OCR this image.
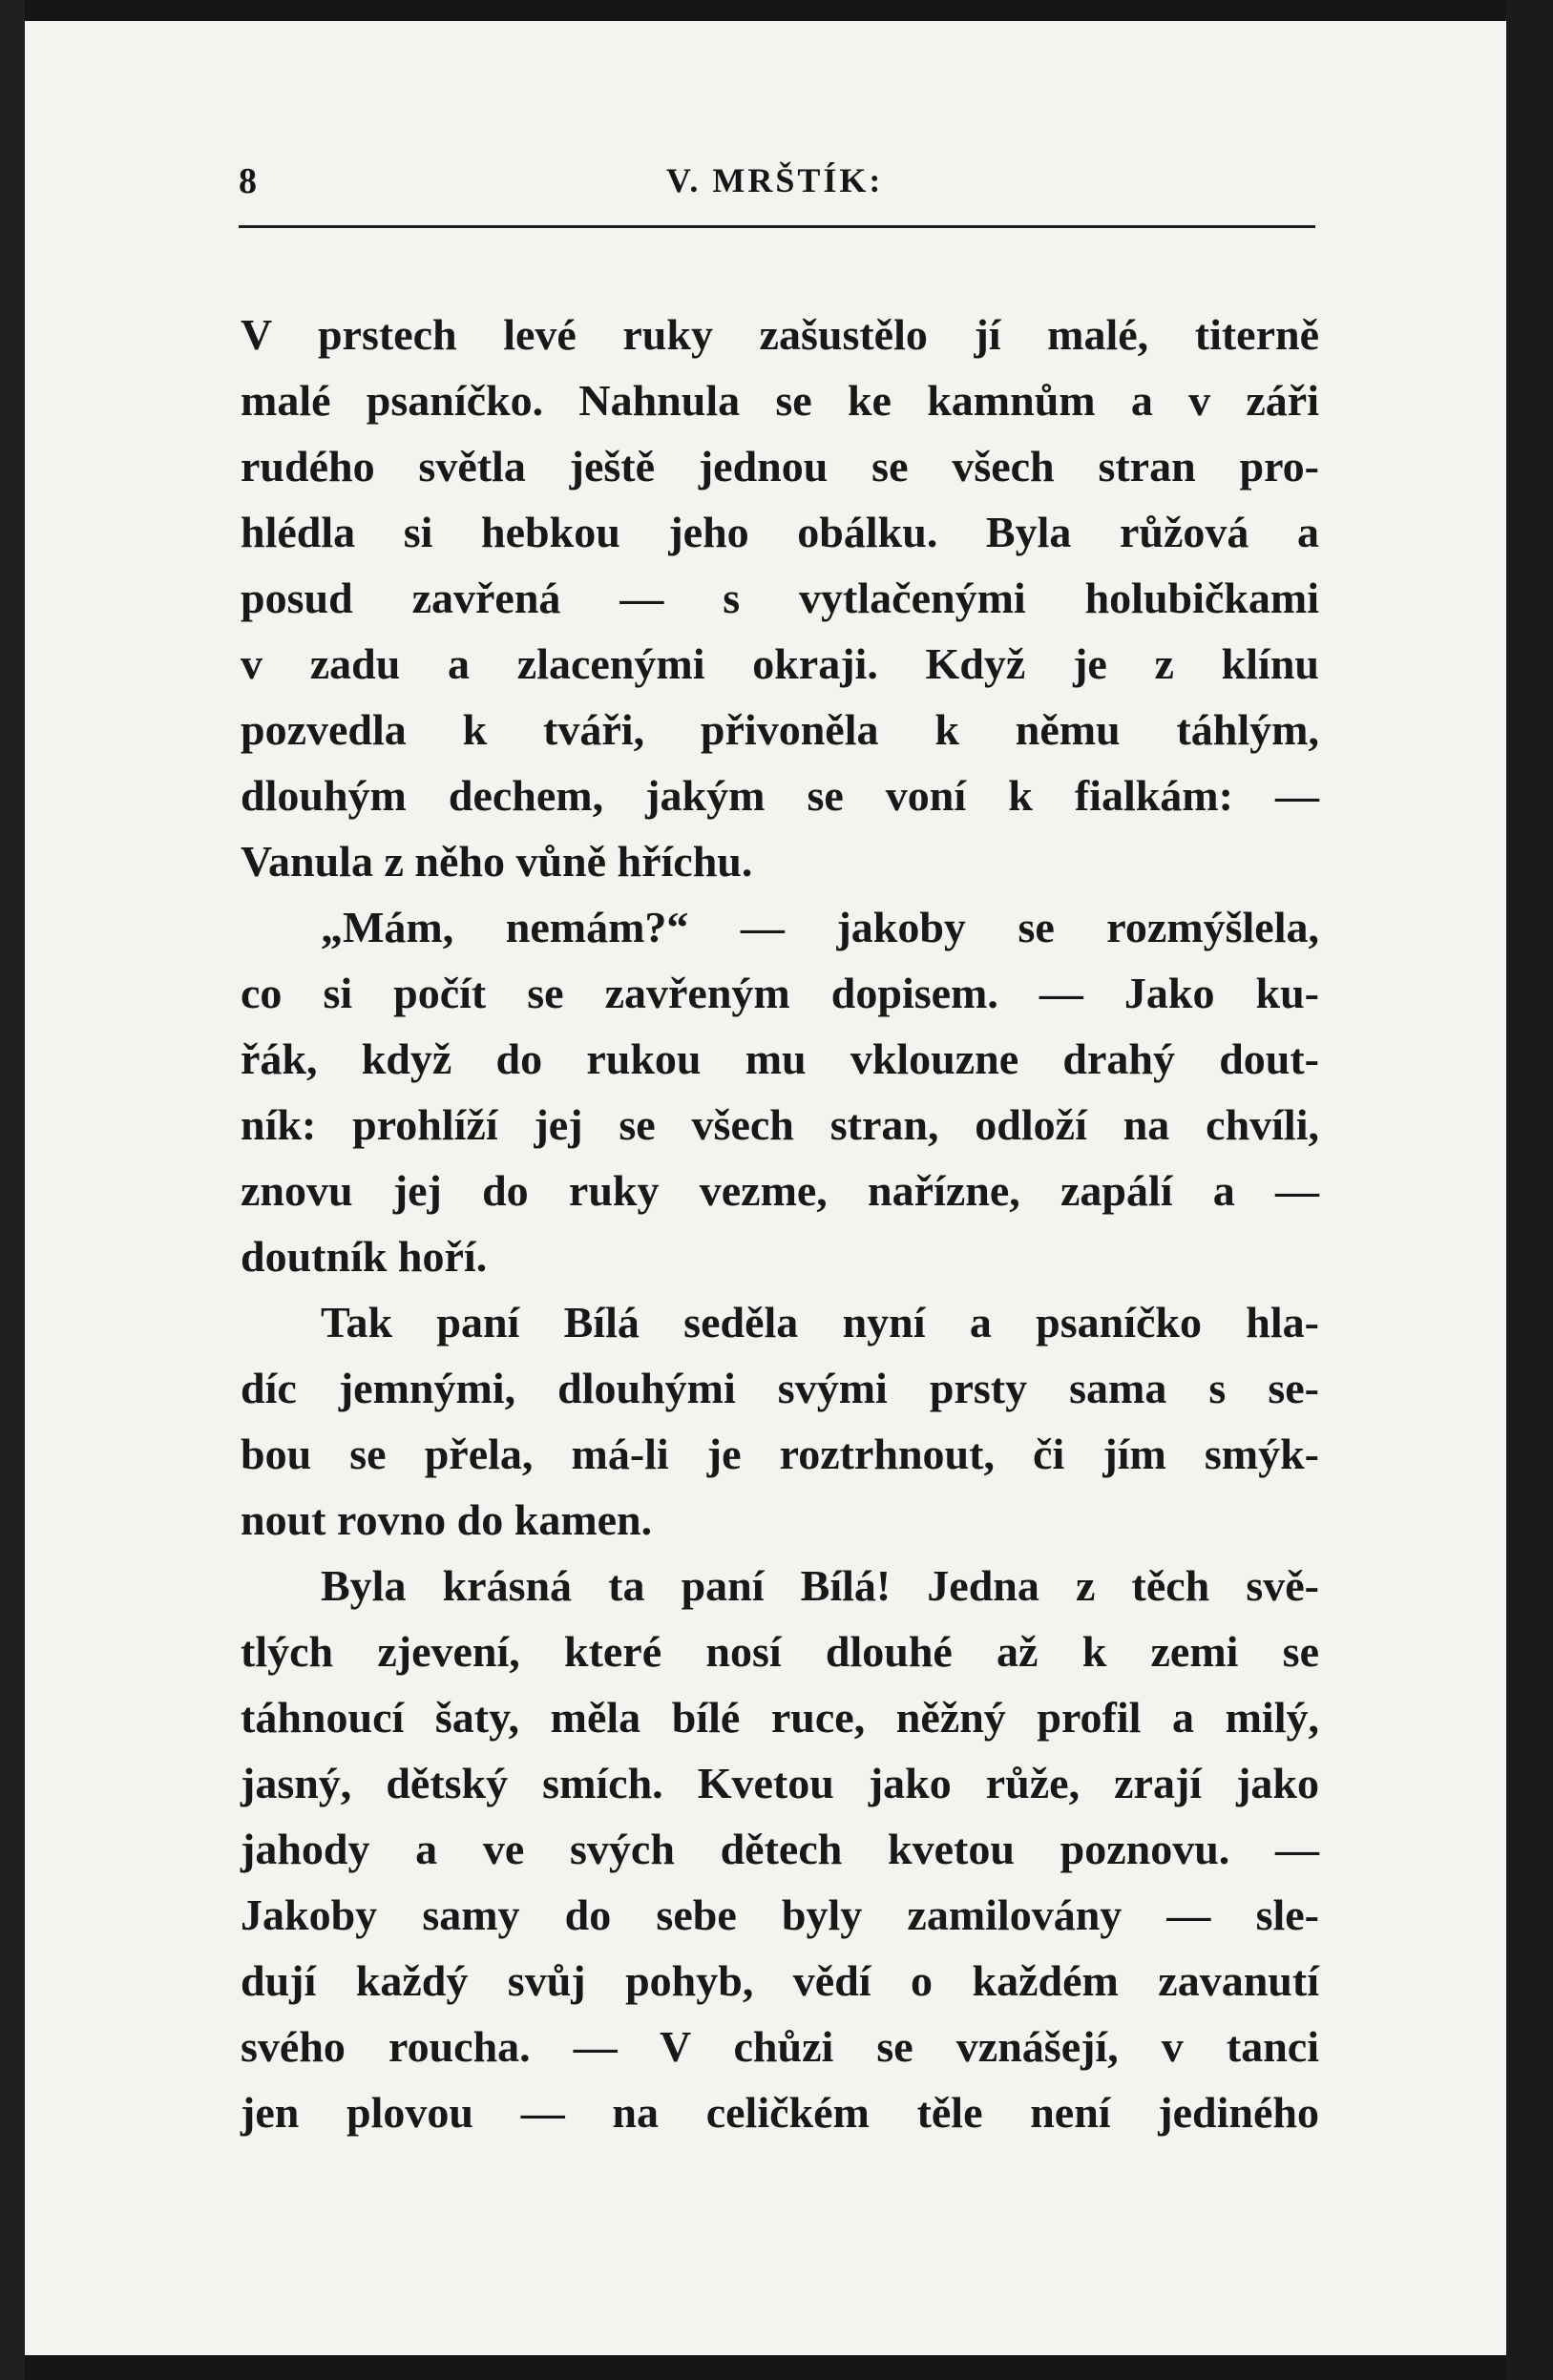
8	V. MRŠTÍK:
V prstech levé ruky zašustělo jí malé, titerně
malé psaníčko. Nahnula se ke kamnům a v záři
rudého světla ještě jednou se všech stran pro-
hlédla si hebkou jeho obálku. Byla růžová a
posud zavřená — s vytlačenými holubičkami
v zadu a zlacenými okraji. Když je z klínu
pozvedla k tváři, přivoněla k němu táhlým,
dlouhým dechem, jakým se voní k fialkám: —
Vanula z něho vůně hříchu.
„Mám, nemám?“ — jakoby se rozmýšlela,
co si počít se zavřeným dopisem. — Jako ku-
řák, když do rukou mu vklouzne drahý dout-
ník: prohlíží jej se všech stran, odloží na chvíli,
znovu jej do ruky vezme, nařízne, zapálí a —
doutník hoří.
Tak paní Bílá seděla nyní a psaníčko hla-
díc jemnými, dlouhými svými prsty sama s se-
bou se přela, má-li je roztrhnout, či jím smýk-
nout rovno do kamen.
Byla krásná ta paní Bílá! Jedna z těch svě-
tlých zjevení, které nosí dlouhé až k zemi se
táhnoucí šaty, měla bílé ruce, něžný profil a milý,
jasný, dětský smích. Kvetou jako růže, zrají jako
jahody a ve svých dětech kvetou poznovu. —
Jakoby samy do sebe byly zamilovány — sle-
dují každý svůj pohyb, vědí o každém zavanutí
svého roucha. — V chůzi se vznášejí, v tanci
jen plovou — na celičkém těle není jediného
